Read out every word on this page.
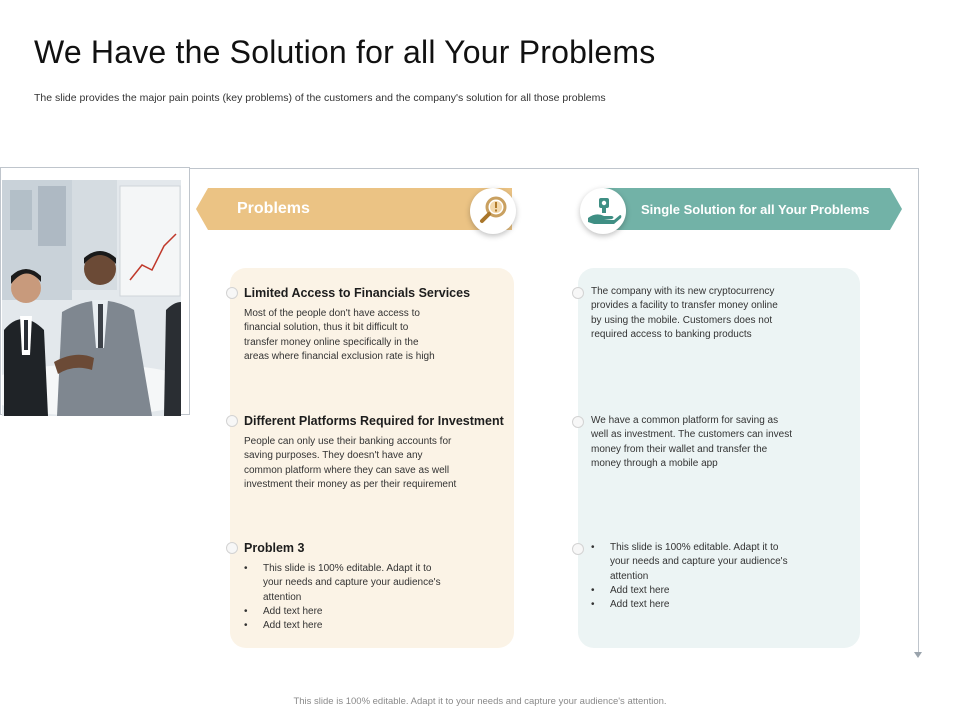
We Have the Solution for all Your Problems
The slide provides the major pain points (key problems) of the customers and the company's solution for all those problems
Problems	Single Solution for all Your Problems
Limited Access to Financials Services
Most of the people don't have access to
financial solution, thus it bit difficult to
transfer money online specifically in the
areas where financial exclusion rate is high
Different Platforms Required for Investment
People can only use their banking accounts for
saving purposes. They doesn't have any
common platform where they can save as well
investment their money as per their requirement
Problem 3
• This slide is 100% editable. Adapt it to
your needs and capture your audience's
attention
• Add text here
• Add text here
The company with its new cryptocurrency
provides a facility to transfer money online
by using the mobile. Customers does not
required access to banking products
We have a common platform for saving as
well as investment. The customers can invest
money from their wallet and transfer the
money through a mobile app
• This slide is 100% editable. Adapt it to
your needs and capture your audience's
attention
• Add text here
• Add text here
This slide is 100% editable. Adapt it to your needs and capture your audience's attention.
